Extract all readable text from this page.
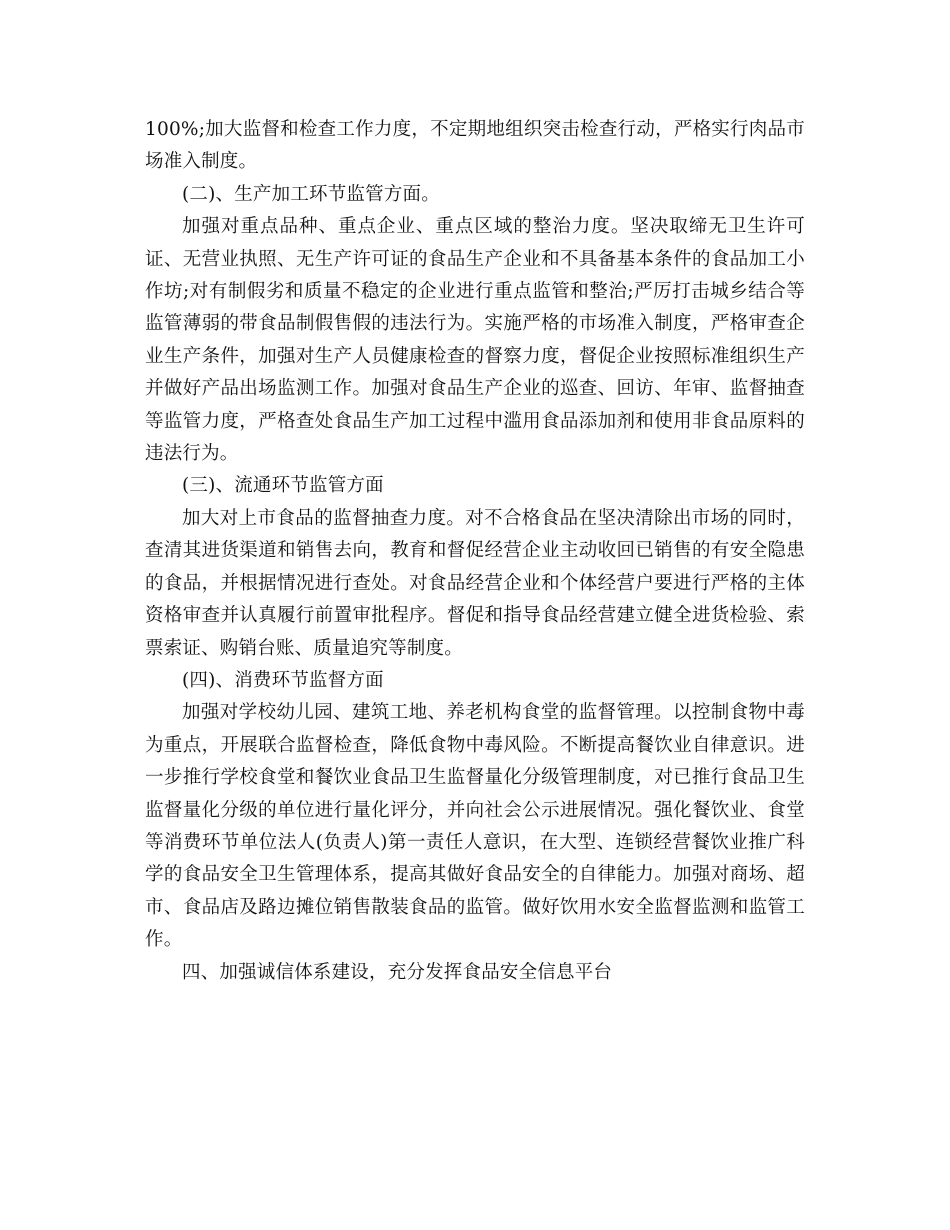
100%;加大监督和检查工作力度，不定期地组织突击检查行动，严格实行肉品市场准入制度。

(二)、生产加工环节监管方面。

加强对重点品种、重点企业、重点区域的整治力度。坚决取缔无卫生许可证、无营业执照、无生产许可证的食品生产企业和不具备基本条件的食品加工小作坊;对有制假劣和质量不稳定的企业进行重点监管和整治;严厉打击城乡结合等监管薄弱的带食品制假售假的违法行为。实施严格的市场准入制度，严格审查企业生产条件，加强对生产人员健康检查的督察力度，督促企业按照标准组织生产并做好产品出场监测工作。加强对食品生产企业的巡查、回访、年审、监督抽查等监管力度，严格查处食品生产加工过程中滥用食品添加剂和使用非食品原料的违法行为。

(三)、流通环节监管方面

加大对上市食品的监督抽查力度。对不合格食品在坚决清除出市场的同时，查清其进货渠道和销售去向，教育和督促经营企业主动收回已销售的有安全隐患的食品，并根据情况进行查处。对食品经营企业和个体经营户要进行严格的主体资格审查并认真履行前置审批程序。督促和指导食品经营建立健全进货检验、索票索证、购销台账、质量追究等制度。

(四)、消费环节监督方面

加强对学校幼儿园、建筑工地、养老机构食堂的监督管理。以控制食物中毒为重点，开展联合监督检查，降低食物中毒风险。不断提高餐饮业自律意识。进一步推行学校食堂和餐饮业食品卫生监督量化分级管理制度，对已推行食品卫生监督量化分级的单位进行量化评分，并向社会公示进展情况。强化餐饮业、食堂等消费环节单位法人(负责人)第一责任人意识，在大型、连锁经营餐饮业推广科学的食品安全卫生管理体系，提高其做好食品安全的自律能力。加强对商场、超市、食品店及路边摊位销售散装食品的监管。做好饮用水安全监督监测和监管工作。

四、加强诚信体系建设，充分发挥食品安全信息平台
